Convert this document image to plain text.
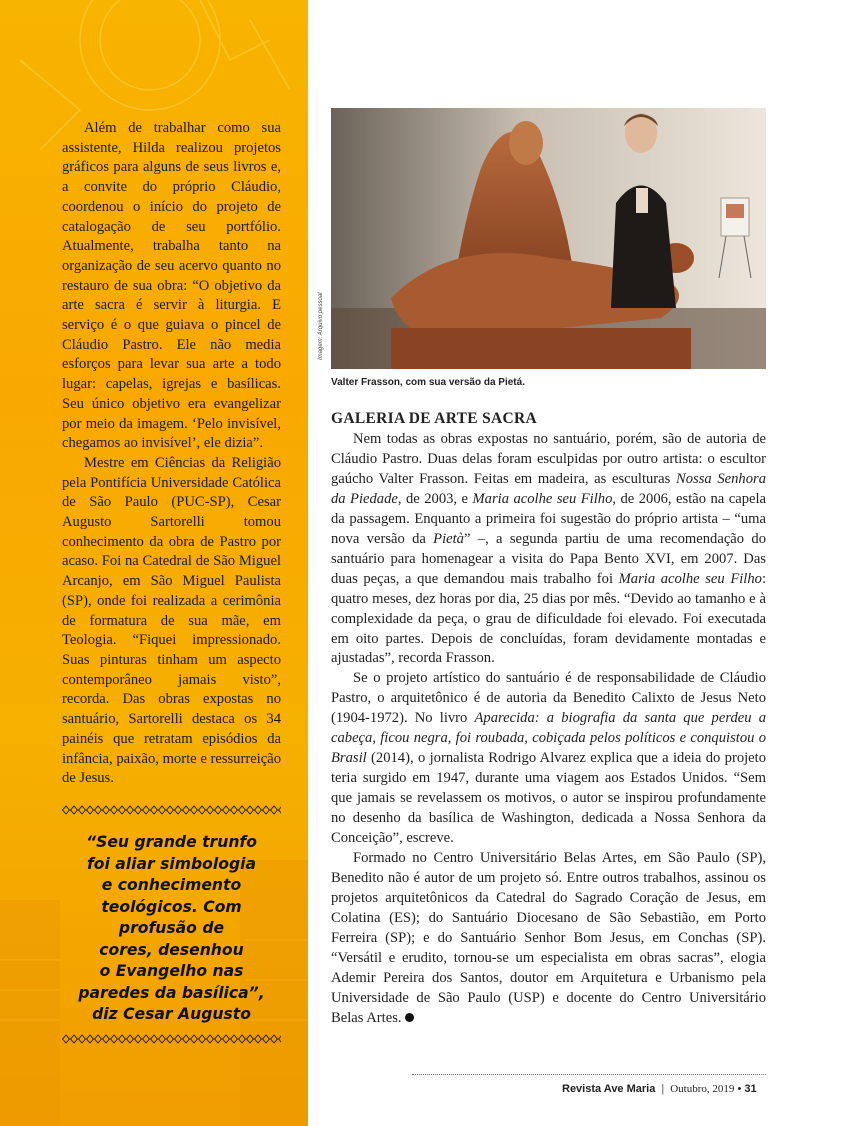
Além de trabalhar como sua assistente, Hilda realizou projetos gráficos para alguns de seus livros e, a convite do próprio Cláudio, coordenou o início do projeto de catalogação de seu portfólio. Atualmente, trabalha tanto na organização de seu acervo quanto no restauro de sua obra: “O objetivo da arte sacra é servir à liturgia. E serviço é o que guiava o pincel de Cláudio Pastro. Ele não media esforços para levar sua arte a todo lugar: capelas, igrejas e basílicas. Seu único objetivo era evangelizar por meio da imagem. ‘Pelo invisível, chegamos ao invisível’, ele dizia”.

Mestre em Ciências da Religião pela Pontifícia Universidade Católica de São Paulo (PUC-SP), Cesar Augusto Sartorelli tomou conhecimento da obra de Pastro por acaso. Foi na Catedral de São Miguel Arcanjo, em São Miguel Paulista (SP), onde foi realizada a cerimônia de formatura de sua mãe, em Teologia. “Fiquei impressionado. Suas pinturas tinham um aspecto contemporâneo jamais visto”, recorda. Das obras expostas no santuário, Sartorelli destaca os 34 painéis que retratam episódios da infância, paixão, morte e ressurreição de Jesus.

“Seu grande trunfo
foi aliar simbologia
e conhecimento
teológicos. Com
profusão de
cores, desenhou
o Evangelho nas
paredes da basílica”,
diz Cesar Augusto
Imagem: Arquivo pessoal
Valter Frasson, com sua versão da Pietá.
GALERIA DE ARTE SACRA

Nem todas as obras expostas no santuário, porém, são de autoria de Cláudio Pastro. Duas delas foram esculpidas por outro artista: o escultor gaúcho Valter Frasson. Feitas em madeira, as esculturas Nossa Senhora da Piedade, de 2003, e Maria acolhe seu Filho, de 2006, estão na capela da passagem. Enquanto a primeira foi sugestão do próprio artista – “uma nova versão da Pietà” –, a segunda partiu de uma recomendação do santuário para homenagear a visita do Papa Bento XVI, em 2007. Das duas peças, a que demandou mais trabalho foi Maria acolhe seu Filho: quatro meses, dez horas por dia, 25 dias por mês. “Devido ao tamanho e à complexidade da peça, o grau de dificuldade foi elevado. Foi executada em oito partes. Depois de concluídas, foram devidamente montadas e ajustadas”, recorda Frasson.

Se o projeto artístico do santuário é de responsabilidade de Cláudio Pastro, o arquitetônico é de autoria da Benedito Calixto de Jesus Neto (1904-1972). No livro Aparecida: a biografia da santa que perdeu a cabeça, ficou negra, foi roubada, cobiçada pelos políticos e conquistou o Brasil (2014), o jornalista Rodrigo Alvarez explica que a ideia do projeto teria surgido em 1947, durante uma viagem aos Estados Unidos. “Sem que jamais se revelassem os motivos, o autor se inspirou profundamente no desenho da basílica de Washington, dedicada a Nossa Senhora da Conceição”, escreve.

Formado no Centro Universitário Belas Artes, em São Paulo (SP), Benedito não é autor de um projeto só. Entre outros trabalhos, assinou os projetos arquitetônicos da Catedral do Sagrado Coração de Jesus, em Colatina (ES); do Santuário Diocesano de São Sebastião, em Porto Ferreira (SP); e do Santuário Senhor Bom Jesus, em Conchas (SP). “Versátil e erudito, tornou-se um especialista em obras sacras”, elogia Ademir Pereira dos Santos, doutor em Arquitetura e Urbanismo pela Universidade de São Paulo (USP) e docente do Centro Universitário Belas Artes.

Revista Ave Maria | Outubro, 2019 • 31
